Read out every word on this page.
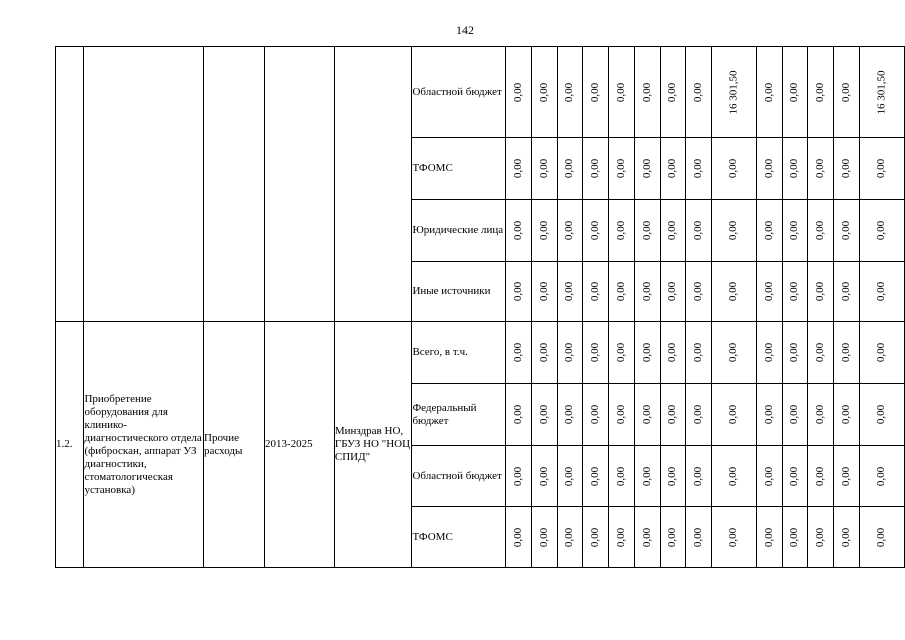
142
					Областной бюджет	0,00	0,00	0,00	0,00	0,00	0,00	0,00	0,00	16 301,50	0,00	0,00	0,00	0,00	16 301,50
					ТФОМС	0,00	0,00	0,00	0,00	0,00	0,00	0,00	0,00	0,00	0,00	0,00	0,00	0,00	0,00
					Юридические лица	0,00	0,00	0,00	0,00	0,00	0,00	0,00	0,00	0,00	0,00	0,00	0,00	0,00	0,00
					Иные источники	0,00	0,00	0,00	0,00	0,00	0,00	0,00	0,00	0,00	0,00	0,00	0,00	0,00	0,00
1.2.	Приобретение оборудования для клинико-диагностического отдела (фиброскан, аппарат УЗ диагностики, стоматологическая установка)	Прочие расходы	2013-2025	Минздрав НО, ГБУЗ НО "НОЦ СПИД"	Всего, в т.ч.	0,00	0,00	0,00	0,00	0,00	0,00	0,00	0,00	0,00	0,00	0,00	0,00	0,00	0,00
					Федеральный бюджет	0,00	0,00	0,00	0,00	0,00	0,00	0,00	0,00	0,00	0,00	0,00	0,00	0,00	0,00
					Областной бюджет	0,00	0,00	0,00	0,00	0,00	0,00	0,00	0,00	0,00	0,00	0,00	0,00	0,00	0,00
					ТФОМС	0,00	0,00	0,00	0,00	0,00	0,00	0,00	0,00	0,00	0,00	0,00	0,00	0,00	0,00
